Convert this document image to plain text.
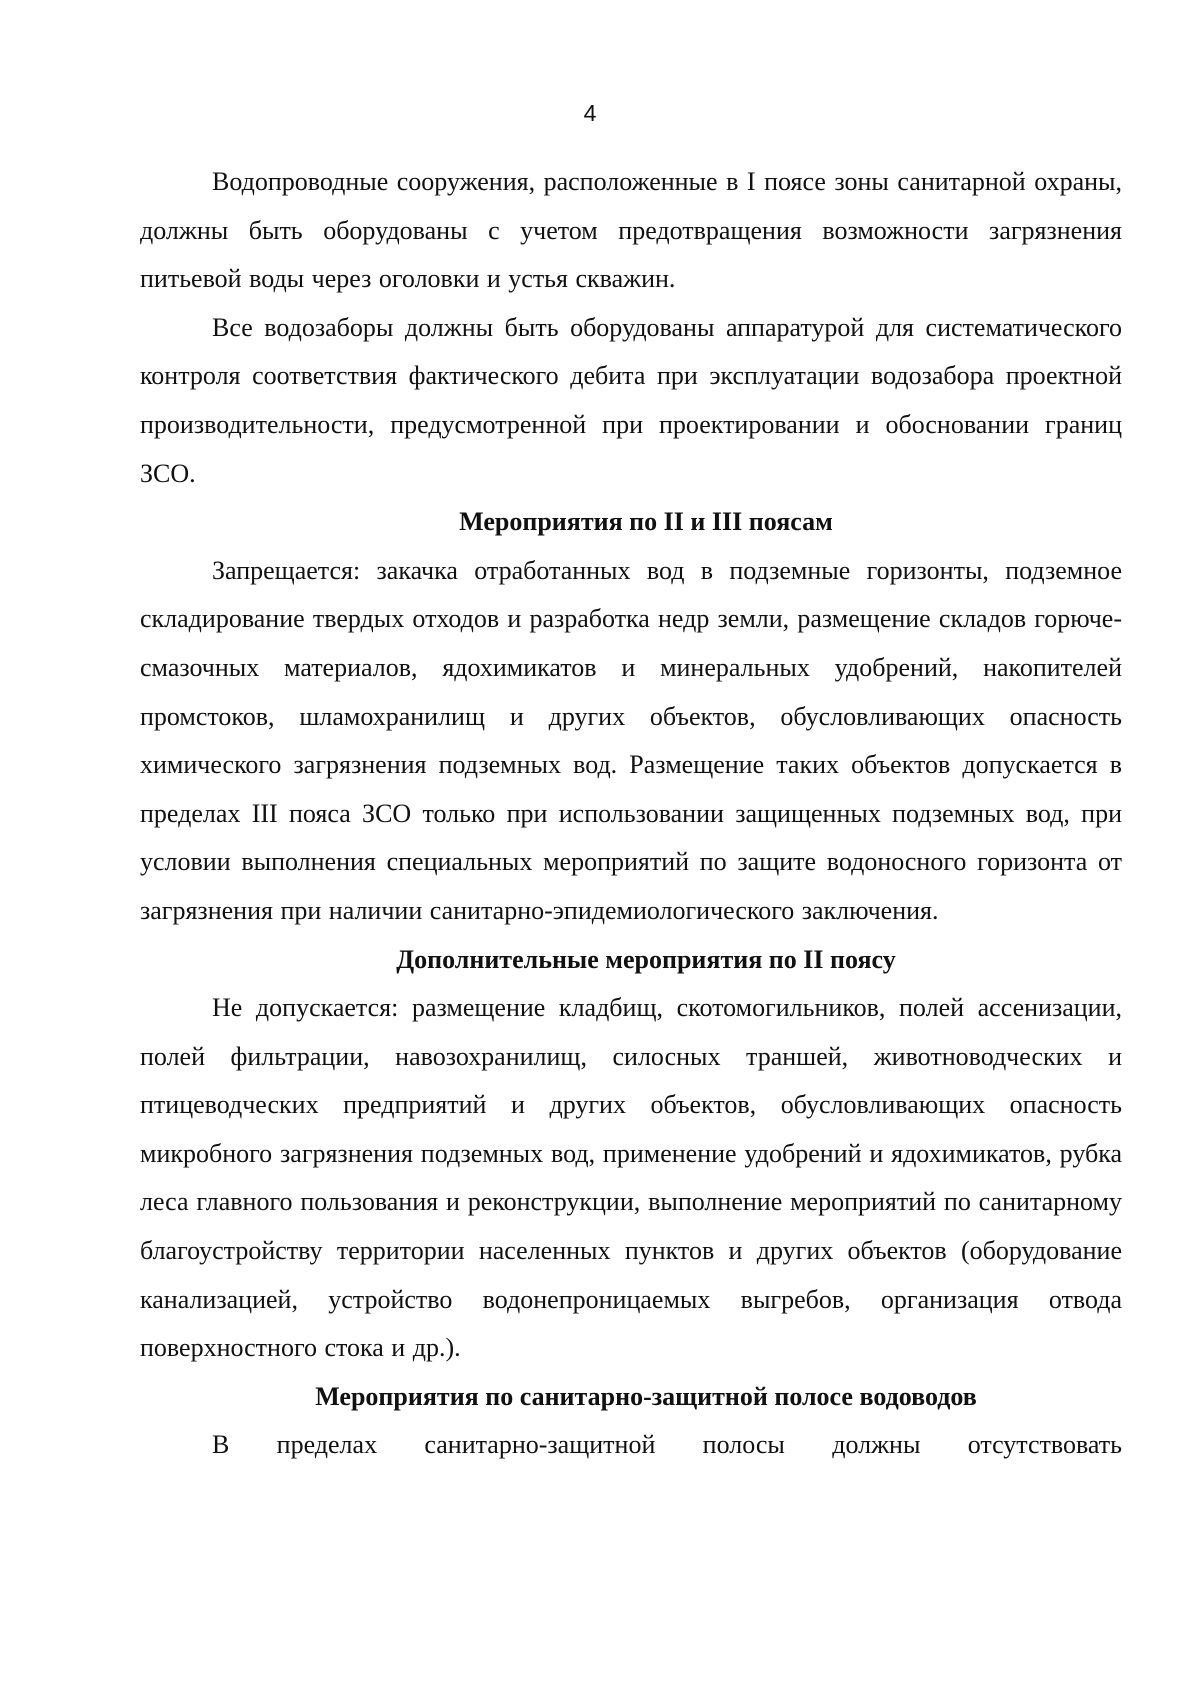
4

Водопроводные сооружения, расположенные в I поясе зоны санитарной охраны, должны быть оборудованы с учетом предотвращения возможности загрязнения питьевой воды через оголовки и устья скважин.

Все водозаборы должны быть оборудованы аппаратурой для систематического контроля соответствия фактического дебита при эксплуатации водозабора проектной производительности, предусмотренной при проектировании и обосновании границ ЗСО.

Мероприятия по II и III поясам

Запрещается: закачка отработанных вод в подземные горизонты, подземное складирование твердых отходов и разработка недр земли, размещение складов горюче-смазочных материалов, ядохимикатов и минеральных удобрений, накопителей промстоков, шламохранилищ и других объектов, обусловливающих опасность химического загрязнения подземных вод. Размещение таких объектов допускается в пределах III пояса ЗСО только при использовании защищенных подземных вод, при условии выполнения специальных мероприятий по защите водоносного горизонта от загрязнения при наличии санитарно-эпидемиологического заключения.

Дополнительные мероприятия по II поясу

Не допускается: размещение кладбищ, скотомогильников, полей ассенизации, полей фильтрации, навозохранилищ, силосных траншей, животноводческих и птицеводческих предприятий и других объектов, обусловливающих опасность микробного загрязнения подземных вод, применение удобрений и ядохимикатов, рубка леса главного пользования и реконструкции, выполнение мероприятий по санитарному благоустройству территории населенных пунктов и других объектов (оборудование канализацией, устройство водонепроницаемых выгребов, организация отвода поверхностного стока и др.).

Мероприятия по санитарно-защитной полосе водоводов

В пределах санитарно-защитной полосы должны отсутствовать
